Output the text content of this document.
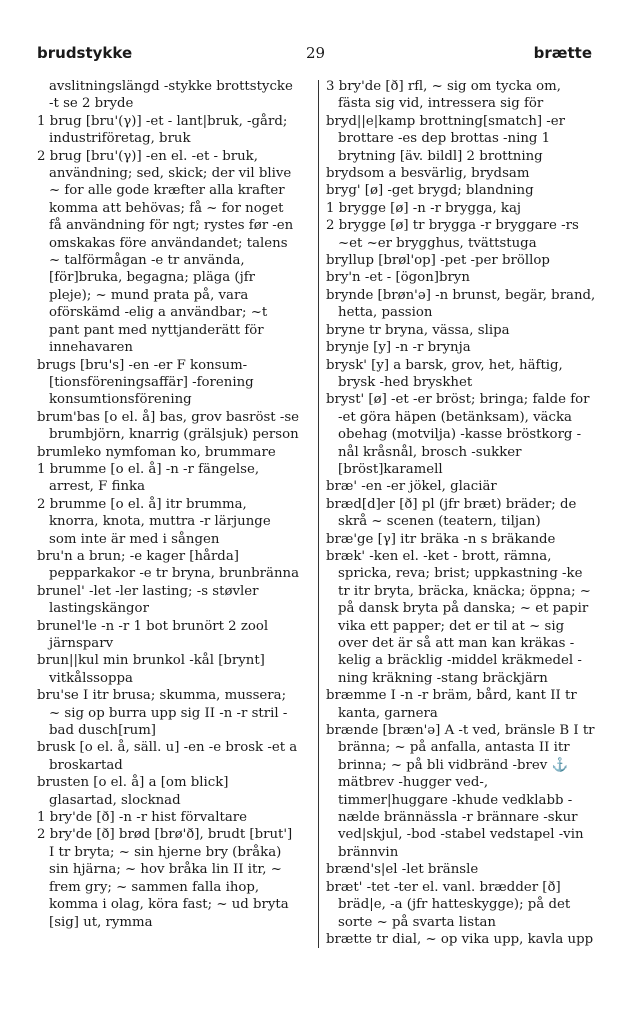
brudstykke	29	brætte

avslitningslängd -stykke brottstycke -t se 2 bryde

1 brug [bru'(γ)] -et - lant|bruk, -gård; industriföretag, bruk

2 brug [bru'(γ)] -en el. -et - bruk, användning; sed, skick; der vil blive ~ for alle gode kræfter alla krafter komma att behövas; få ~ for noget få användning för ngt; rystes før -en omskakas före användandet; talens ~ talförmågan -e tr använda, [för]bruka, begagna; pläga (jfr pleje); ~ mund prata på, vara oförskämd -elig a användbar; ~t pant pant med nyttjanderätt för innehavaren

brugs [bru's] -en -er F konsum- [tionsföreningsaffär] -forening konsumtionsförening

brum'bas [o el. å] bas, grov basröst -se brumbjörn, knarrig (grälsjuk) person

brumleko nymfoman ko, brummare

1 brumme [o el. å] -n -r fängelse, arrest, F finka

2 brumme [o el. å] itr brumma, knorra, knota, muttra -r lärjunge som inte är med i sången

bru'n a brun; -e kager [hårda] pepparkakor -e tr bryna, brunbränna

brunel' -let -ler lasting; -s støvler lastingskängor

brunel'le -n -r 1 bot brunört 2 zool järnsparv

brun||kul min brunkol -kål [brynt] vitkålssoppa

bru'se I itr brusa; skumma, mussera; ~ sig op burra upp sig II -n -r stril -bad dusch[rum]

brusk [o el. å, säll. u] -en -e brosk -et a broskartad

brusten [o el. å] a [om blick] glasartad, slocknad

1 bry'de [ð] -n -r hist förvaltare

2 bry'de [ð] brød [brø'ð], brudt [brut'] I tr bryta; ~ sin hjerne bry (bråka) sin hjärna; ~ hov bråka lin II itr, ~ frem gry; ~ sammen falla ihop, komma i olag, köra fast; ~ ud bryta [sig] ut, rymma

3 bry'de [ð] rfl, ~ sig om tycka om, fästa sig vid, intressera sig för

bryd||e|kamp brottning[smatch] -er brottare -es dep brottas -ning 1 brytning [äv. bildl] 2 brottning

brydsom a besvärlig, brydsam

bryg' [ø] -get brygd; blandning

1 brygge [ø] -n -r brygga, kaj

2 brygge [ø] tr brygga -r bryggare -rs ~et ~er brygghus, tvättstuga

bryllup [brøl'op] -pet -per bröllop

bry'n -et - [ögon]bryn

brynde [brøn'ə] -n brunst, begär, brand, hetta, passion

bryne tr bryna, vässa, slipa

brynje [y] -n -r brynja

brysk' [y] a barsk, grov, het, häftig, brysk -hed bryskhet

bryst' [ø] -et -er bröst; bringa; falde for -et göra häpen (betänksam), väcka obehag (motvilja) -kasse bröstkorg -nål kråsnål, brosch -sukker [bröst]karamell

bræ' -en -er jökel, glaciär

bræd[d]er [ð] pl (jfr bræt) bräder; de skrå ~ scenen (teatern, tiljan)

bræ'ge [γ] itr bräka -n s bräkande

bræk' -ken el. -ket - brott, rämna, spricka, reva; brist; uppkastning -ke tr itr bryta, bräcka, knäcka; öppna; ~ på dansk bryta på danska; ~ et papir vika ett papper; det er til at ~ sig over det är så att man kan kräkas -kelig a bräcklig -middel kräkmedel -ning kräkning -stang bräckjärn

bræmme I -n -r bräm, bård, kant II tr kanta, garnera

brænde [bræn'ə] A -t ved, bränsle B I tr bränna; ~ på anfalla, antasta II itr brinna; ~ på bli vidbränd -brev ⚓ mätbrev -hugger ved-, timmer|huggare -khude vedklabb -nælde brännässla -r brännare -skur ved|skjul, -bod -stabel vedstapel -vin brännvin

brænd's|el -let bränsle

bræt' -tet -ter el. vanl. brædder [ð] bräd|e, -a (jfr hatteskygge); på det sorte ~ på svarta listan

brætte tr dial, ~ op vika upp, kavla upp
